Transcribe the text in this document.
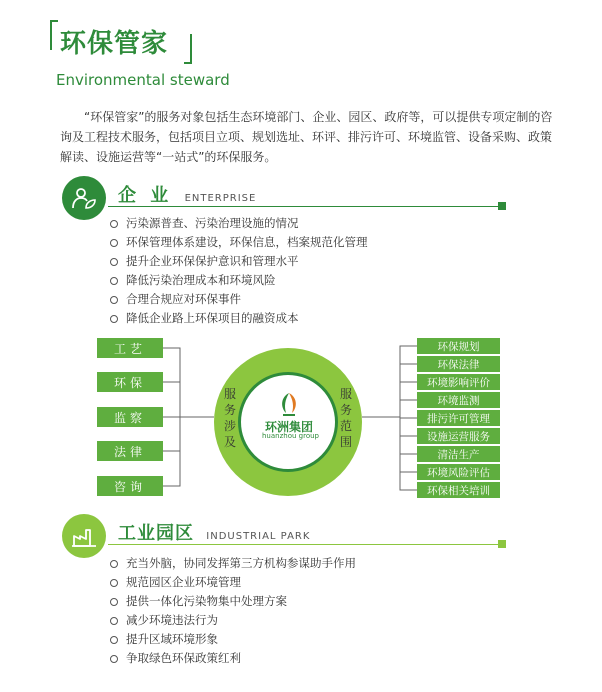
环保管家
Environmental steward

“环保管家”的服务对象包括生态环境部门、企业、园区、政府等，可以提供专项定制的咨询及工程技术服务，包括项目立项、规划选址、环评、排污许可、环境监管、设备采购、政策解读、设施运营等“一站式”的环保服务。

企 业 ENTERPRISE
污染源普查、污染治理设施的情况
环保管理体系建设，环保信息，档案规范化管理
提升企业环保保护意识和管理水平
降低污染治理成本和环境风险
合理合规应对环保事件
降低企业路上环保项目的融资成本
工艺
环保
监察
法律
咨询
服
务
涉
及
服
务
范
围
环洲集团
huanzhou group
环保规划
环保法律
环境影响评价
环境监测
排污许可管理
设施运营服务
清洁生产
环境风险评估
环保相关培训
工业园区 INDUSTRIAL PARK
充当外脑，协同发挥第三方机构参谋助手作用
规范园区企业环境管理
提供一体化污染物集中处理方案
减少环境违法行为
提升区域环境形象
争取绿色环保政策红利
